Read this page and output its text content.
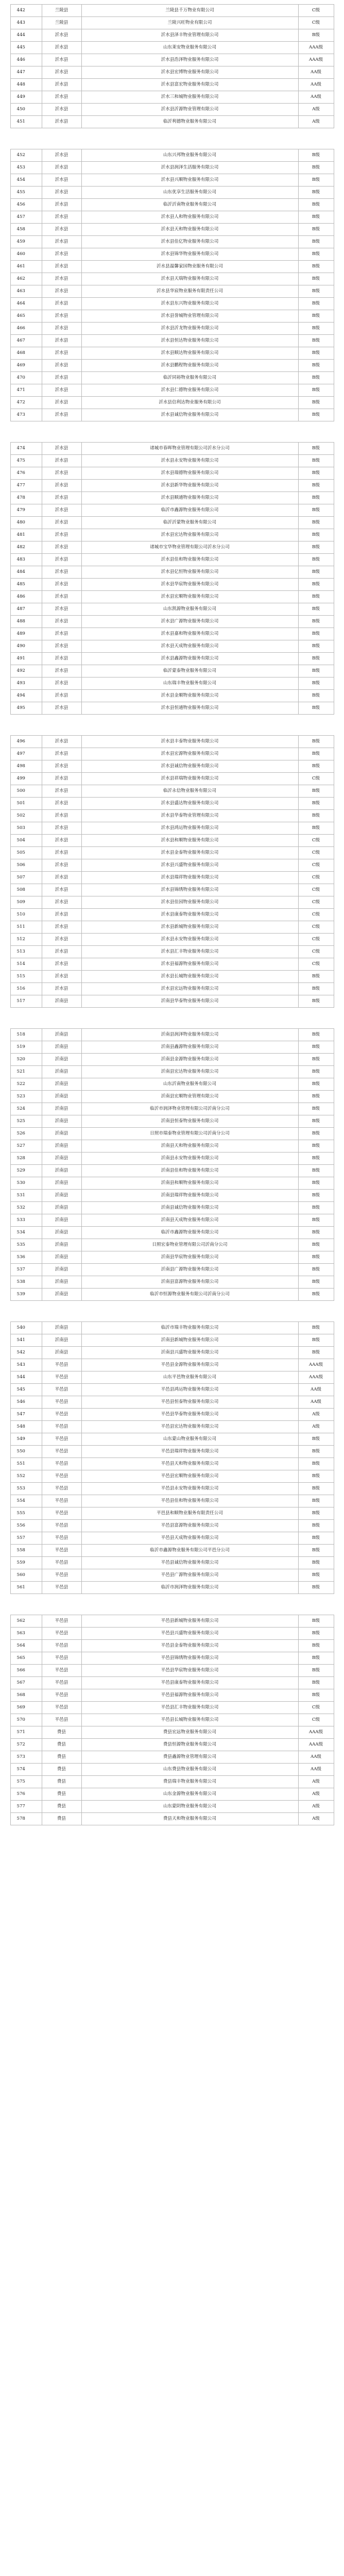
442	兰陵县	兰陵县千万物业有限公司	C级
443	兰陵县	兰陵兴旺物业有限公司	C级
444	沂水县	沂水县泽丰物业管理有限公司	B级
445	沂水县	山东莱安物业服务有限公司	AAA级
446	沂水县	沂水县浩泽物业服务有限公司	AAA级
447	沂水县	沂水县宏博物业服务有限公司	AA级
448	沂水县	沂水县富宏物业服务有限公司	AA级
449	沂水县	沂水三和城物业服务有限公司	AA级
450	沂水县	沂水县沂源物业管理有限公司	A级
451	沂水县	临沂利德物业服务有限公司	A级
452	沂水县	山东兴邦物业服务有限公司	B级
453	沂水县	沂水县润泽生活服务有限公司	B级
454	沂水县	沂水县兴顺物业服务有限公司	B级
455	沂水县	山东优享生活服务有限公司	B级
456	沂水县	临沂沂南物业服务有限公司	B级
457	沂水县	沂水县人和物业服务有限公司	B级
458	沂水县	沂水县天和物业服务有限公司	B级
459	沂水县	沂水县佳亿物业服务有限公司	B级
460	沂水县	沂水县锦华物业服务有限公司	B级
461	沂水县	沂水县温馨家园物业服务有限公司	B级
462	沂水县	沂水县天瑞物业服务有限公司	B级
463	沂水县	沂水县华宸物业服务有限责任公司	B级
464	沂水县	沂水县东兴物业服务有限公司	B级
465	沂水县	沂水县誉城物业管理有限公司	B级
466	沂水县	沂水县沂龙物业服务有限公司	B级
467	沂水县	沂水县恒达物业服务有限公司	B级
468	沂水县	沂水县顺达物业服务有限公司	B级
469	沂水县	沂水县鹏程物业服务有限公司	B级
470	沂水县	临沂同裕物业服务有限公司	B级
471	沂水县	沂水县仁德物业服务有限公司	B级
472	沂水县	沂水县信利达物业服务有限公司	B级
473	沂水县	沂水县诚信物业服务有限公司	B级
474	沂水县	诸城市春晖物业管理有限公司沂水分公司	B级
475	沂水县	沂水县永安物业服务有限公司	B级
476	沂水县	沂水县瑞德物业服务有限公司	B级
477	沂水县	沂水县新华物业服务有限公司	B级
478	沂水县	沂水县顺通物业服务有限公司	B级
479	沂水县	临沂市鑫源物业服务有限公司	B级
480	沂水县	临沂沂蒙物业服务有限公司	B级
481	沂水县	沂水县宏达物业服务有限公司	B级
482	沂水县	诸城市宝华物业管理有限公司沂水分公司	B级
483	沂水县	沂水县佳和物业服务有限公司	B级
484	沂水县	沂水县亿恒物业服务有限公司	B级
485	沂水县	沂水县华宸物业服务有限公司	B级
486	沂水县	沂水县宏顺物业服务有限公司	B级
487	沂水县	山东凯源物业服务有限公司	B级
488	沂水县	沂水县广源物业服务有限公司	B级
489	沂水县	沂水县嘉和物业服务有限公司	B级
490	沂水县	沂水县天成物业服务有限公司	B级
491	沂水县	沂水县鑫源物业服务有限公司	B级
492	沂水县	临沂蒙泰物业服务有限公司	B级
493	沂水县	山东瑞丰物业服务有限公司	B级
494	沂水县	沂水县金顺物业服务有限公司	B级
495	沂水县	沂水县恒通物业服务有限公司	B级
496	沂水县	沂水县丰泰物业服务有限公司	B级
497	沂水县	沂水县宏源物业服务有限公司	B级
498	沂水县	沂水县诚信物业服务有限公司	B级
499	沂水县	沂水县祥瑞物业服务有限公司	C级
500	沂水县	临沂永信物业服务有限公司	B级
501	沂水县	沂水县盛达物业服务有限公司	B级
502	沂水县	沂水县华泰物业管理有限公司	B级
503	沂水县	沂水县鸿运物业服务有限公司	B级
504	沂水县	沂水县和顺物业服务有限公司	C级
505	沂水县	沂水县金泰物业服务有限公司	C级
506	沂水县	沂水县兴盛物业服务有限公司	C级
507	沂水县	沂水县瑞祥物业服务有限公司	C级
508	沂水县	沂水县锦绣物业服务有限公司	C级
509	沂水县	沂水县佳园物业服务有限公司	C级
510	沂水县	沂水县康泰物业服务有限公司	C级
511	沂水县	沂水县新城物业服务有限公司	C级
512	沂水县	沂水县永安物业服务有限公司	C级
513	沂水县	沂水县汇丰物业服务有限公司	C级
514	沂水县	沂水县福源物业服务有限公司	C级
515	沂水县	沂水县长城物业服务有限公司	B级
516	沂水县	沂水县宏远物业服务有限公司	B级
517	沂南县	沂南县华泰物业服务有限公司	B级
518	沂南县	沂南县润泽物业服务有限公司	B级
519	沂南县	沂南县鑫源物业服务有限公司	B级
520	沂南县	沂南县金源物业服务有限公司	B级
521	沂南县	沂南县宏达物业服务有限公司	B级
522	沂南县	山东沂南物业服务有限公司	B级
523	沂南县	沂南县宏顺物业管理有限公司	B级
524	沂南县	临沂市润泽物业管理有限公司沂南分公司	B级
525	沂南县	沂南县恒泰物业服务有限公司	B级
526	沂南县	日照市瑞泰物业管理有限公司沂南分公司	B级
527	沂南县	沂南县天和物业服务有限公司	B级
528	沂南县	沂南县永安物业服务有限公司	B级
529	沂南县	沂南县佳和物业服务有限公司	B级
530	沂南县	沂南县和顺物业服务有限公司	B级
531	沂南县	沂南县瑞祥物业服务有限公司	B级
532	沂南县	沂南县诚信物业服务有限公司	B级
533	沂南县	沂南县天成物业服务有限公司	B级
534	沂南县	临沂市鑫源物业服务有限公司	B级
535	沂南县	日照宏泰物业管理有限公司沂南分公司	B级
536	沂南县	沂南县华宸物业服务有限公司	B级
537	沂南县	沂南县广源物业服务有限公司	B级
538	沂南县	沂南县富源物业服务有限公司	B级
539	沂南县	临沂市恒源物业服务有限公司沂南分公司	B级
540	沂南县	临沂市瑞丰物业服务有限公司	B级
541	沂南县	沂南县新城物业服务有限公司	B级
542	沂南县	沂南县兴盛物业服务有限公司	B级
543	平邑县	平邑县金源物业服务有限公司	AAA级
544	平邑县	山东平邑物业服务有限公司	AAA级
545	平邑县	平邑县鸿运物业服务有限公司	AA级
546	平邑县	平邑县恒泰物业服务有限公司	AA级
547	平邑县	平邑县华泰物业服务有限公司	A级
548	平邑县	平邑县宏达物业服务有限公司	A级
549	平邑县	山东蒙山物业服务有限公司	B级
550	平邑县	平邑县瑞祥物业服务有限公司	B级
551	平邑县	平邑县天和物业服务有限公司	B级
552	平邑县	平邑县宏顺物业服务有限公司	B级
553	平邑县	平邑县永安物业服务有限公司	B级
554	平邑县	平邑县佳和物业服务有限公司	B级
555	平邑县	平邑县和顺物业服务有限责任公司	B级
556	平邑县	平邑县富源物业服务有限公司	B级
557	平邑县	平邑县天成物业服务有限公司	B级
558	平邑县	临沂市鑫源物业服务有限公司平邑分公司	B级
559	平邑县	平邑县诚信物业服务有限公司	B级
560	平邑县	平邑县广源物业服务有限公司	B级
561	平邑县	临沂市润泽物业服务有限公司	B级
562	平邑县	平邑县新城物业服务有限公司	B级
563	平邑县	平邑县兴盛物业服务有限公司	B级
564	平邑县	平邑县金泰物业服务有限公司	B级
565	平邑县	平邑县锦绣物业服务有限公司	B级
566	平邑县	平邑县华宸物业服务有限公司	B级
567	平邑县	平邑县康泰物业服务有限公司	B级
568	平邑县	平邑县福源物业服务有限公司	B级
569	平邑县	平邑县汇丰物业服务有限公司	C级
570	平邑县	平邑县长城物业服务有限公司	C级
571	费县	费县宏远物业服务有限公司	AAA级
572	费县	费县恒源物业服务有限公司	AAA级
573	费县	费县鑫源物业管理有限公司	AA级
574	费县	山东费县物业服务有限公司	AA级
575	费县	费县瑞丰物业服务有限公司	A级
576	费县	山东金源物业服务有限公司	A级
577	费县	山东蒙阴物业服务有限公司	A级
578	费县	费县天和物业服务有限公司	A级
